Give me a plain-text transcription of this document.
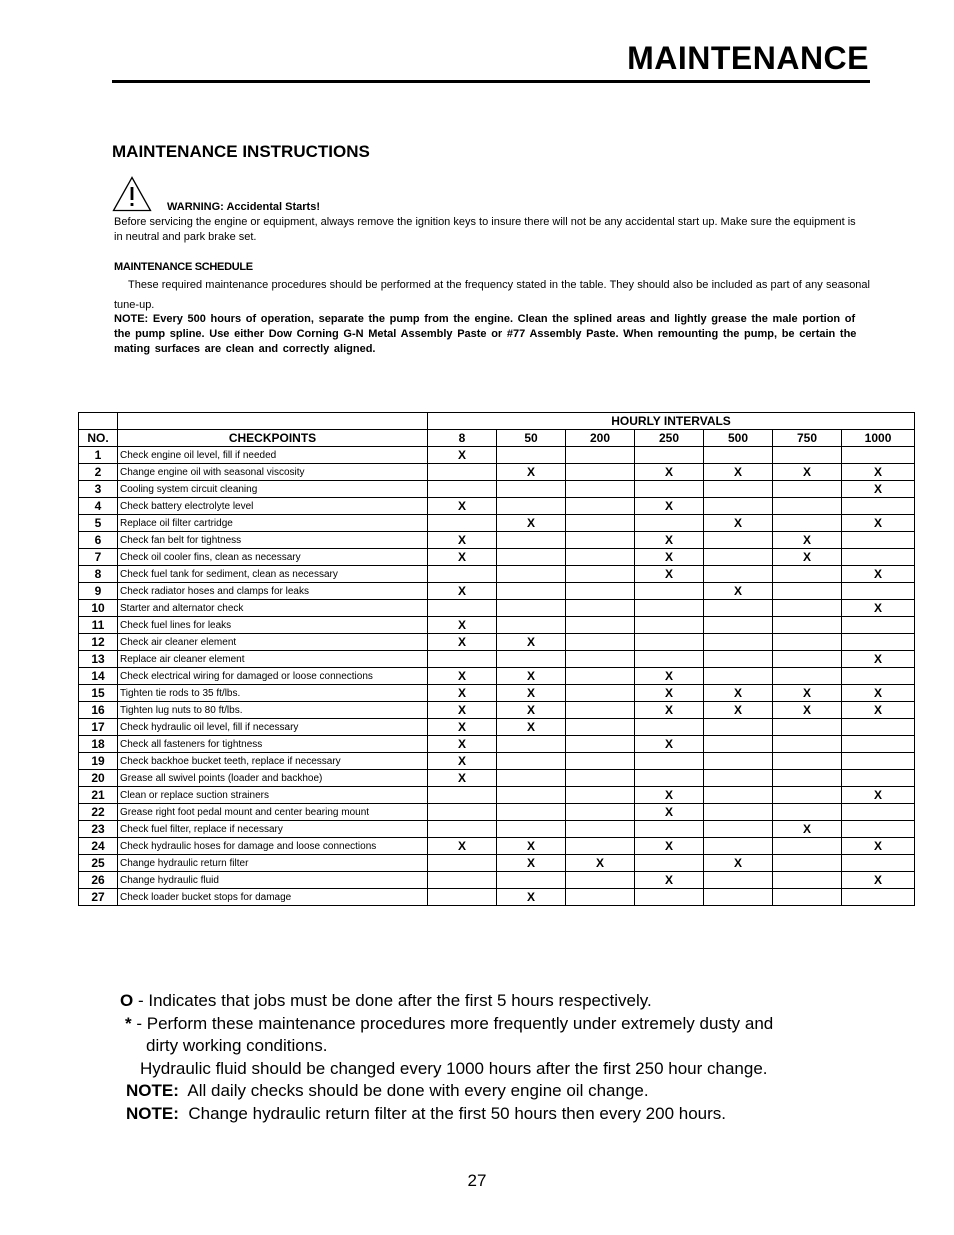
MAINTENANCE
MAINTENANCE INSTRUCTIONS
WARNING: Accidental Starts!
Before servicing the engine or equipment, always remove the ignition keys to insure there will not be any accidental start up. Make sure the equipment is in neutral and park brake set.
MAINTENANCE SCHEDULE
These required maintenance procedures should be performed at the frequency stated in the table. They should also be included as part of any seasonal tune-up.
NOTE: Every 500 hours of operation, separate the pump from the engine. Clean the splined areas and lightly grease the male portion of the pump spline. Use either Dow Corning G-N Metal Assembly Paste or #77 Assembly Paste. When remounting the pump, be certain the mating surfaces are clean and correctly aligned.
		HOURLY INTERVALS						
NO.	CHECKPOINTS	8	50	200	250	500	750	1000
1	Check engine oil level, fill if needed	X						
2	Change engine oil with seasonal viscosity		X		X	X	X	X
3	Cooling system circuit cleaning							X
4	Check battery electrolyte level	X			X			
5	Replace oil filter cartridge		X			X		X
6	Check fan belt for tightness	X			X		X	
7	Check oil cooler fins, clean as necessary	X			X		X	
8	Check fuel tank for sediment, clean as necessary				X			X
9	Check radiator hoses and clamps for leaks	X				X		
10	Starter and alternator check							X
11	Check fuel lines for leaks	X						
12	Check air cleaner element	X	X					
13	Replace air cleaner element							X
14	Check electrical wiring for damaged or loose connections	X	X		X			
15	Tighten tie rods to 35 ft/lbs.	X	X		X	X	X	X
16	Tighten lug nuts to 80 ft/lbs.	X	X		X	X	X	X
17	Check hydraulic oil level, fill if necessary	X	X					
18	Check all fasteners for tightness	X			X			
19	Check backhoe bucket teeth, replace if necessary	X						
20	Grease all swivel points (loader and backhoe)	X						
21	Clean or replace suction strainers				X			X
22	Grease right foot pedal mount and center bearing mount				X			
23	Check fuel filter, replace if necessary						X	
24	Check hydraulic hoses for damage and loose connections	X	X		X			X
25	Change hydraulic return filter		X	X		X		
26	Change hydraulic fluid				X			X
27	Check loader bucket stops for damage		X					
O - Indicates that jobs must be done after the first 5 hours respectively.
* - Perform these maintenance procedures more frequently under extremely dusty and
dirty working conditions.
Hydraulic fluid should be changed every 1000 hours after the first 250 hour change.
NOTE:  All daily checks should be done with every engine oil change.
NOTE:  Change hydraulic return filter at the first 50 hours then every 200 hours.
27
